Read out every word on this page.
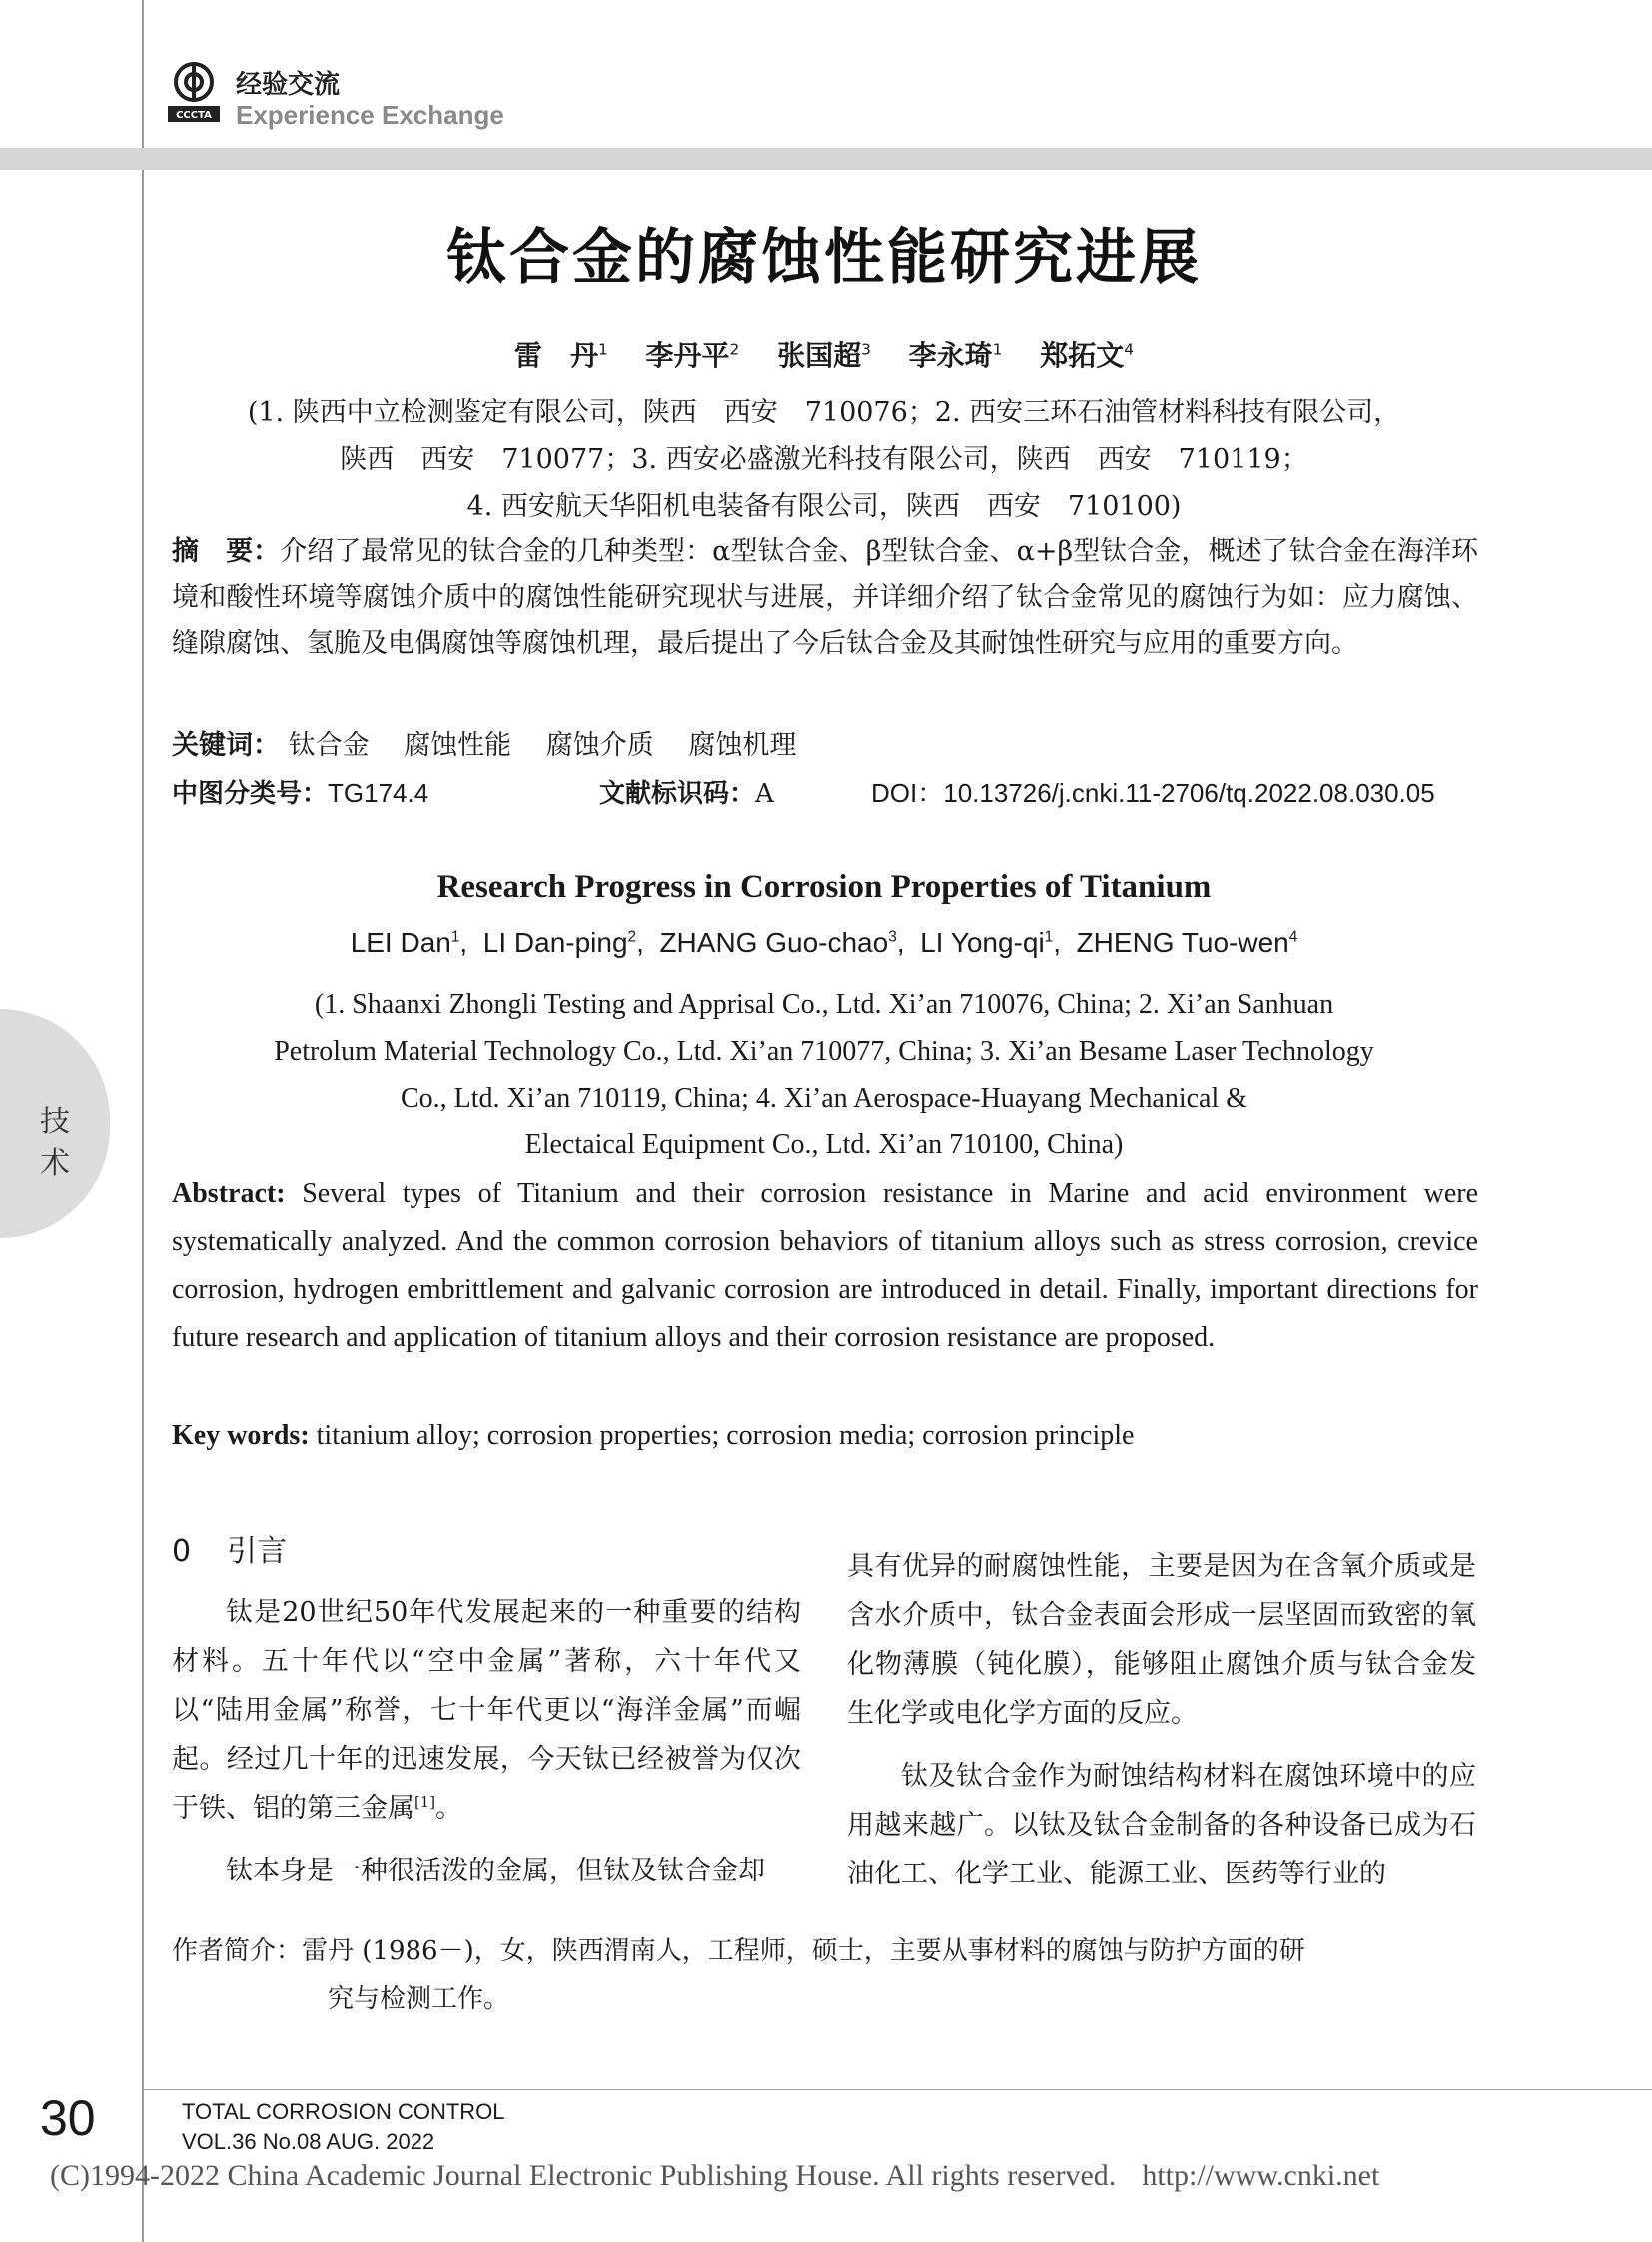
CCCTA
经验交流
Experience Exchange
技
术
钛合金的腐蚀性能研究进展
雷　丹$^1$ 李丹平$^2$ 张国超$^3$ 李永琦$^1$ 郑拓文$^4$
(1. 陕西中立检测鉴定有限公司，陕西　西安　710076；2. 西安三环石油管材料科技有限公司，
陕西　西安　710077；3. 西安必盛激光科技有限公司，陕西　西安　710119；
4. 西安航天华阳机电装备有限公司，陕西　西安　710100)
摘　要：介绍了最常见的钛合金的几种类型：α型钛合金、β型钛合金、α+β型钛合金，概述了钛合金在海洋环境和酸性环境等腐蚀介质中的腐蚀性能研究现状与进展，并详细介绍了钛合金常见的腐蚀行为如：应力腐蚀、缝隙腐蚀、氢脆及电偶腐蚀等腐蚀机理，最后提出了今后钛合金及其耐蚀性研究与应用的重要方向。
关键词： 钛合金 腐蚀性能 腐蚀介质 腐蚀机理
中图分类号：TG174.4	文献标识码：A	DOI：10.13726/j.cnki.11-2706/tq.2022.08.030.05
Research Progress in Corrosion Properties of Titanium
LEI Dan$^1$,  LI Dan-ping$^2$,  ZHANG Guo-chao$^3$,  LI Yong-$qi^1$,  ZHENG Tuo-wen$^4$
(1. Shaanxi Zhongli Testing and Apprisal Co., Ltd. Xi’an 710076, China; 2. Xi’an Sanhuan
Petrolum Material Technology Co., Ltd. Xi’an 710077, China; 3. Xi’an Besame Laser Technology
Co., Ltd. Xi’an 710119, China; 4. Xi’an Aerospace-Huayang Mechanical &
Electaical Equipment Co., Ltd. Xi’an 710100, China)
Abstract: Several types of Titanium and their corrosion resistance in Marine and acid environment were systematically analyzed. And the common corrosion behaviors of titanium alloys such as stress corrosion, crevice corrosion, hydrogen embrittlement and galvanic corrosion are introduced in detail. Finally, important directions for future research and application of titanium alloys and their corrosion resistance are proposed.
Key words: titanium alloy; corrosion properties; corrosion media; corrosion principle
0 引言

钛是20世纪50年代发展起来的一种重要的结构材料。五十年代以“空中金属”著称，六十年代又以“陆用金属”称誉，七十年代更以“海洋金属”而崛起。经过几十年的迅速发展，今天钛已经被誉为仅次于铁、铝的第三金属[1]。

钛本身是一种很活泼的金属，但钛及钛合金却

具有优异的耐腐蚀性能，主要是因为在含氧介质或是含水介质中，钛合金表面会形成一层坚固而致密的氧化物薄膜（钝化膜），能够阻止腐蚀介质与钛合金发生化学或电化学方面的反应。

钛及钛合金作为耐蚀结构材料在腐蚀环境中的应用越来越广。以钛及钛合金制备的各种设备已成为石油化工、化学工业、能源工业、医药等行业的

作者简介：雷丹 (1986－)，女，陕西渭南人，工程师，硕士，主要从事材料的腐蚀与防护方面的研
究与检测工作。
30	TOTAL CORROSION CONTROL
VOL.36 No.08 AUG. 2022
(C)1994-2022 China Academic Journal Electronic Publishing House. All rights reserved. http://www.cnki.net
